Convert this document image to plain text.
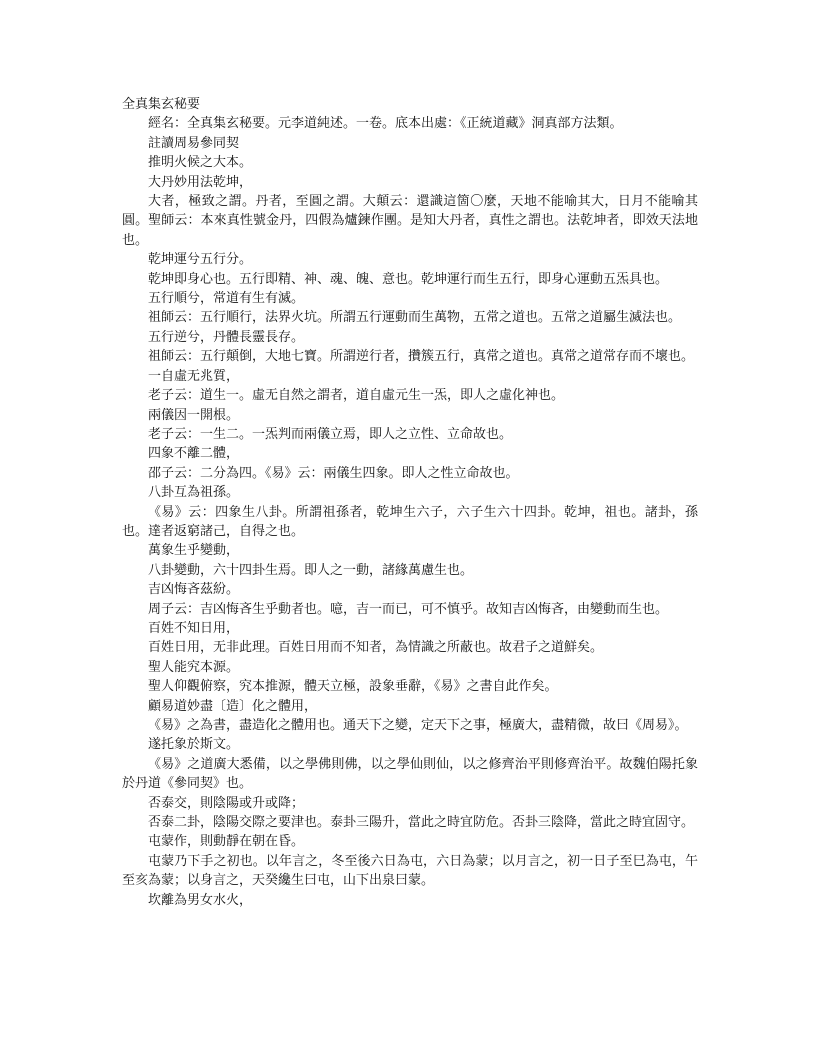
全真集玄秘要

經名：全真集玄秘要。元李道純述。一卷。底本出處：《正統道藏》洞真部方法類。

註讀周易參同契

推明火候之大本。

大丹妙用法乾坤，

大者，極致之謂。丹者，至圓之謂。大顛云：還識這箇〇麼，天地不能喻其大，日月不能喻其圓。聖師云：本來真性號金丹，四假為爐鍊作團。是知大丹者，真性之謂也。法乾坤者，即效天法地也。

乾坤運兮五行分。

乾坤即身心也。五行即精、神、魂、魄、意也。乾坤運行而生五行，即身心運動五炁具也。

五行順兮，常道有生有滅。

祖師云：五行順行，法界火坑。所謂五行運動而生萬物，五常之道也。五常之道屬生滅法也。

五行逆兮，丹體長靈長存。

祖師云：五行顛倒，大地七寶。所謂逆行者，攢簇五行，真常之道也。真常之道常存而不壞也。

一自虛无兆質，

老子云：道生一。虛无自然之謂者，道自虛元生一炁，即人之虛化神也。

兩儀因一開根。

老子云：一生二。一炁判而兩儀立焉，即人之立性、立命故也。

四象不離二體，

邵子云：二分為四。《易》云：兩儀生四象。即人之性立命故也。

八卦互為祖孫。

《易》云：四象生八卦。所謂祖孫者，乾坤生六子，六子生六十四卦。乾坤，祖也。諸卦，孫也。達者返窮諸己，自得之也。

萬象生乎變動，

八卦變動，六十四卦生焉。即人之一動，諸緣萬慮生也。

吉凶悔吝茲紛。

周子云：吉凶悔吝生乎動者也。噫，吉一而已，可不慎乎。故知吉凶悔吝，由變動而生也。

百姓不知日用，

百姓日用，无非此理。百姓日用而不知者，為情識之所蔽也。故君子之道鮮矣。

聖人能究本源。

聖人仰觀俯察，究本推源，體天立極，設象垂辭，《易》之書自此作矣。

顧易道妙盡〔造〕化之體用，

《易》之為書，盡造化之體用也。通天下之變，定天下之事，極廣大，盡精微，故曰《周易》。

遂托象於斯文。

《易》之道廣大悉備，以之學佛則佛，以之學仙則仙，以之修齊治平則修齊治平。故魏伯陽托象於丹道《參同契》也。

否泰交，則陰陽或升或降；

否泰二卦，陰陽交際之要津也。泰卦三陽升，當此之時宜防危。否卦三陰降，當此之時宜固守。

屯蒙作，則動靜在朝在昏。

屯蒙乃下手之初也。以年言之，冬至後六日為屯，六日為蒙；以月言之，初一日子至巳為屯，午至亥為蒙；以身言之，天癸纔生曰屯，山下出泉曰蒙。

坎離為男女水火，
